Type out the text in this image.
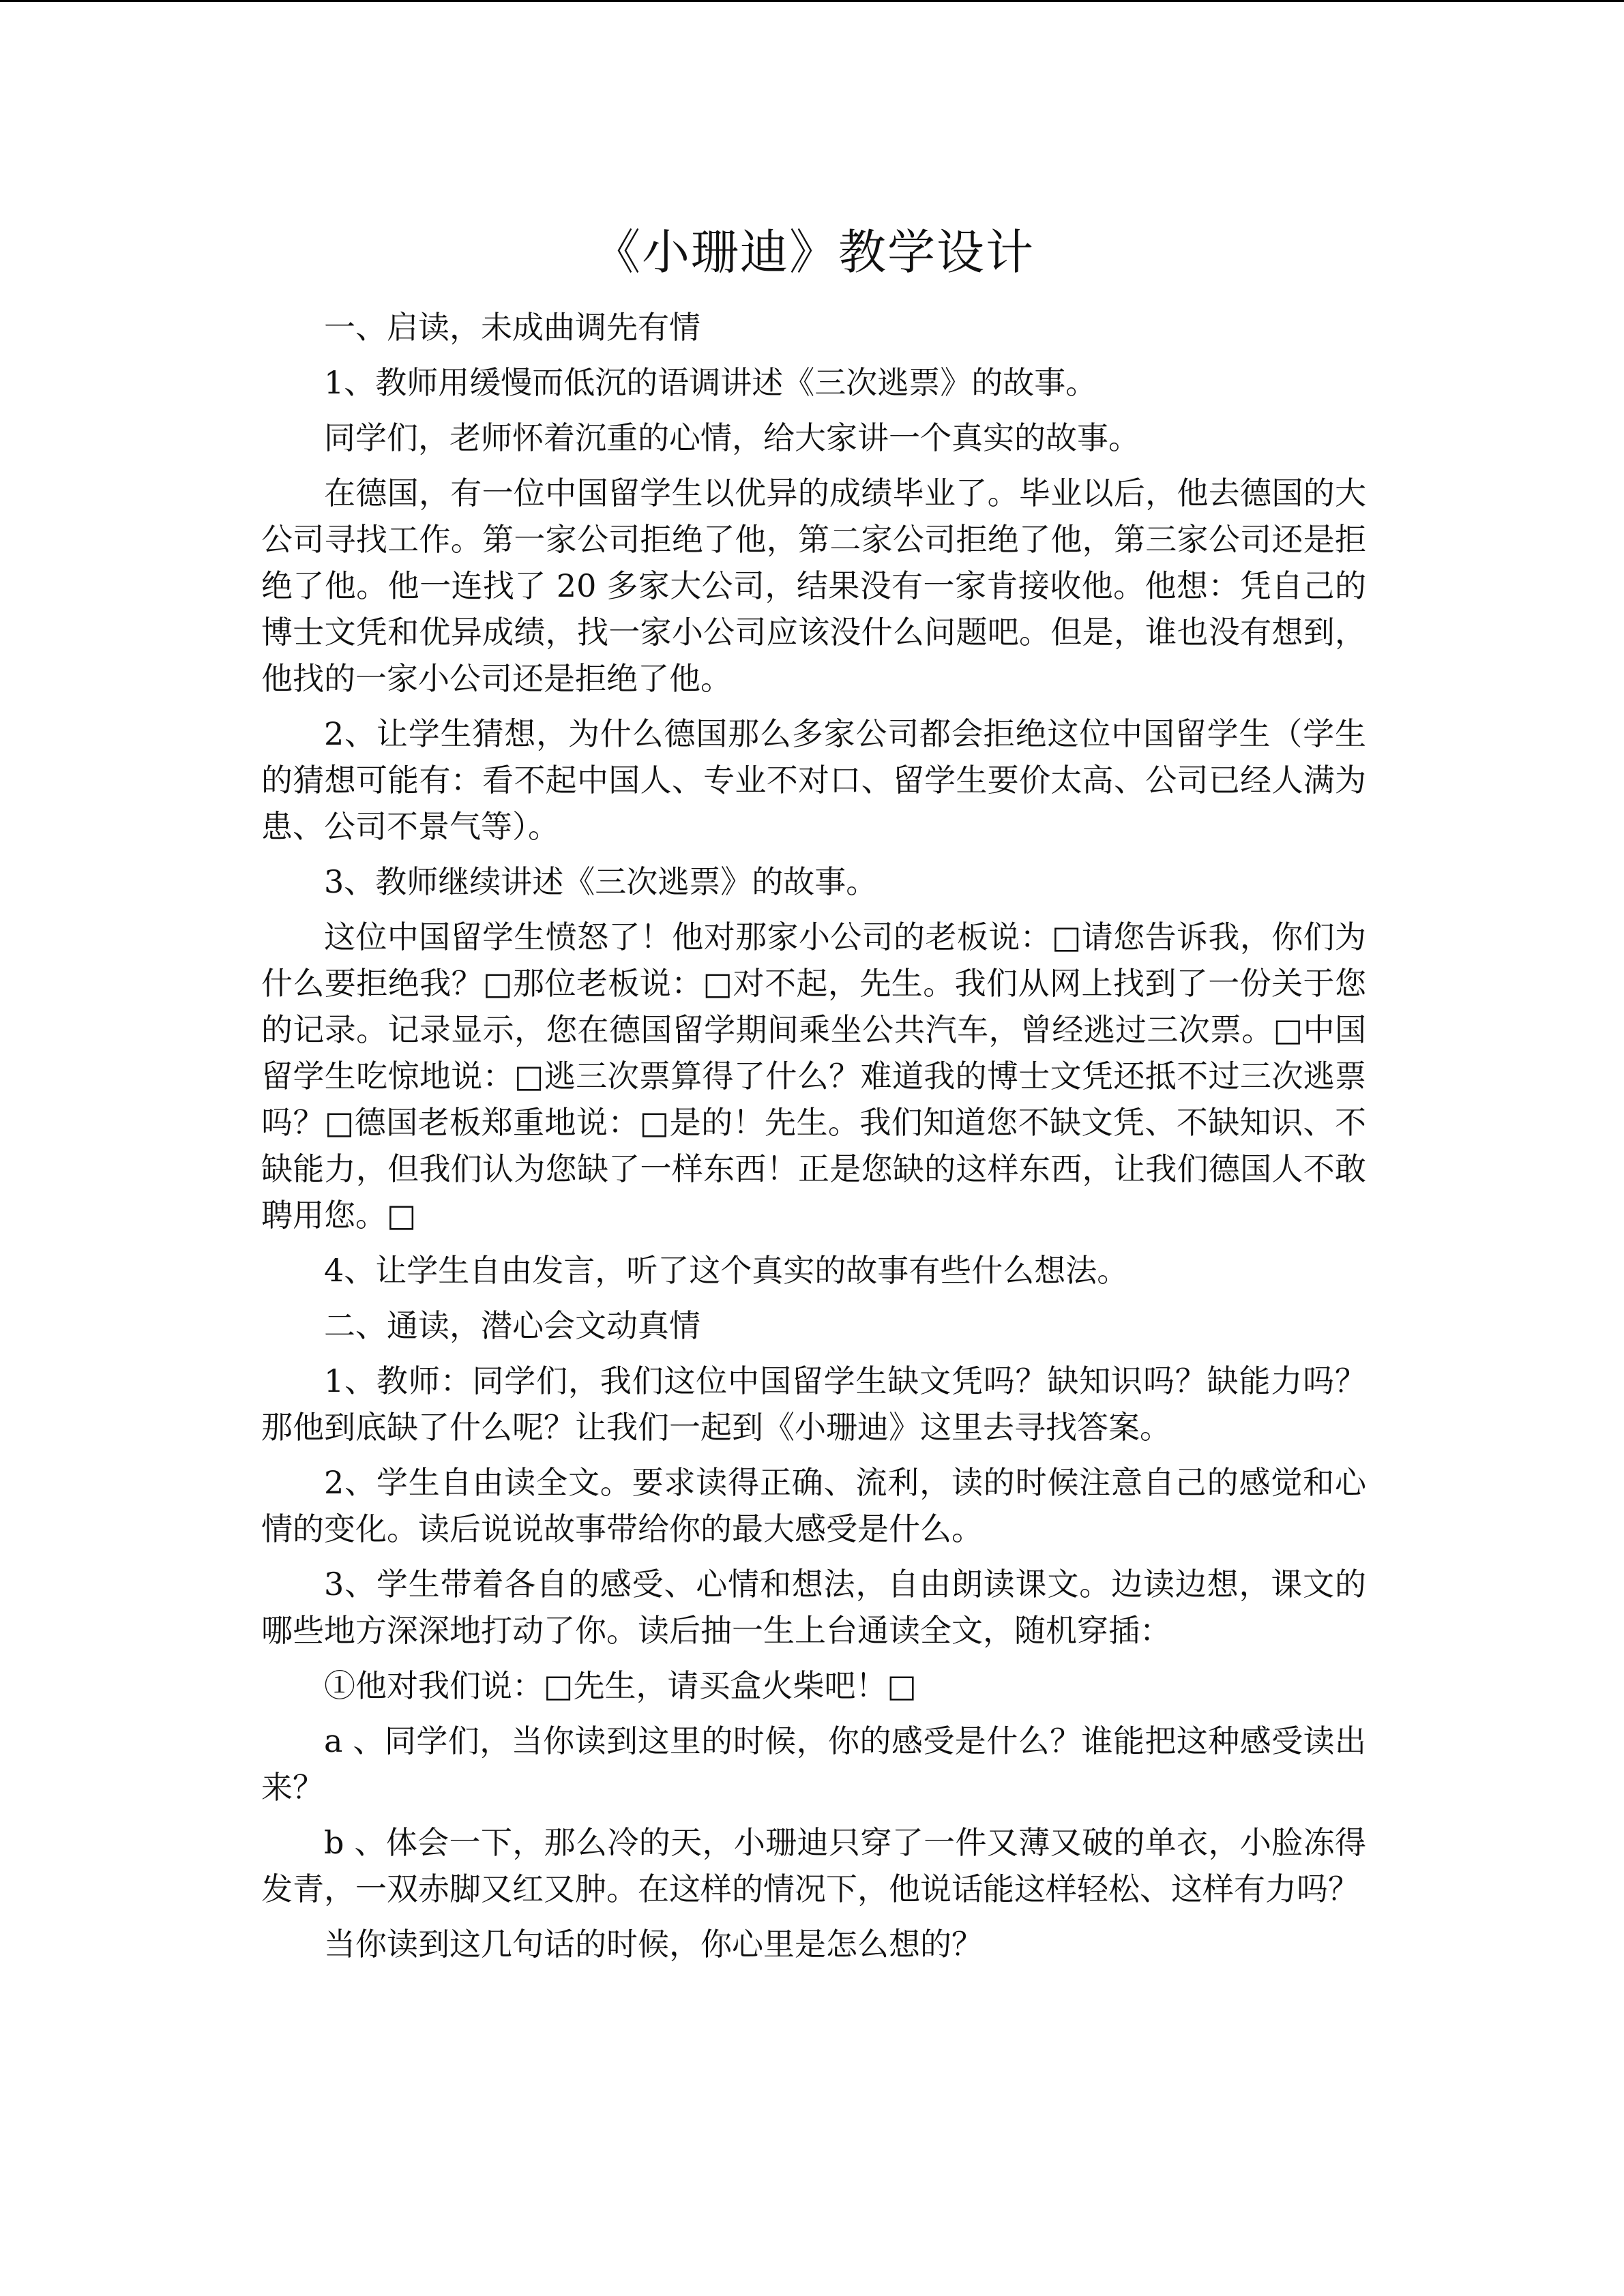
《小珊迪》教学设计

一、启读，未成曲调先有情

1、教师用缓慢而低沉的语调讲述《三次逃票》的故事。

同学们，老师怀着沉重的心情，给大家讲一个真实的故事。

在德国，有一位中国留学生以优异的成绩毕业了。毕业以后，他去德国的大公司寻找工作。第一家公司拒绝了他，第二家公司拒绝了他，第三家公司还是拒绝了他。他一连找了 20 多家大公司，结果没有一家肯接收他。他想：凭自己的博士文凭和优异成绩，找一家小公司应该没什么问题吧。但是，谁也没有想到，他找的一家小公司还是拒绝了他。

2、让学生猜想，为什么德国那么多家公司都会拒绝这位中国留学生（学生的猜想可能有：看不起中国人、专业不对口、留学生要价太高、公司已经人满为患、公司不景气等）。

3、教师继续讲述《三次逃票》的故事。

这位中国留学生愤怒了！他对那家小公司的老板说：□请您告诉我，你们为什么要拒绝我？□那位老板说：□对不起，先生。我们从网上找到了一份关于您的记录。记录显示，您在德国留学期间乘坐公共汽车，曾经逃过三次票。□中国留学生吃惊地说：□逃三次票算得了什么？难道我的博士文凭还抵不过三次逃票吗？□德国老板郑重地说：□是的！先生。我们知道您不缺文凭、不缺知识、不缺能力，但我们认为您缺了一样东西！正是您缺的这样东西，让我们德国人不敢聘用您。□

4、让学生自由发言，听了这个真实的故事有些什么想法。

二、通读，潜心会文动真情

1、教师：同学们，我们这位中国留学生缺文凭吗？缺知识吗？缺能力吗？那他到底缺了什么呢？让我们一起到《小珊迪》这里去寻找答案。

2、学生自由读全文。要求读得正确、流利，读的时候注意自己的感觉和心情的变化。读后说说故事带给你的最大感受是什么。

3、学生带着各自的感受、心情和想法，自由朗读课文。边读边想，课文的哪些地方深深地打动了你。读后抽一生上台通读全文，随机穿插：

①他对我们说：□先生，请买盒火柴吧！□

a 、同学们，当你读到这里的时候，你的感受是什么？谁能把这种感受读出来？

b 、体会一下，那么冷的天，小珊迪只穿了一件又薄又破的单衣，小脸冻得发青，一双赤脚又红又肿。在这样的情况下，他说话能这样轻松、这样有力吗？

当你读到这几句话的时候，你心里是怎么想的？
